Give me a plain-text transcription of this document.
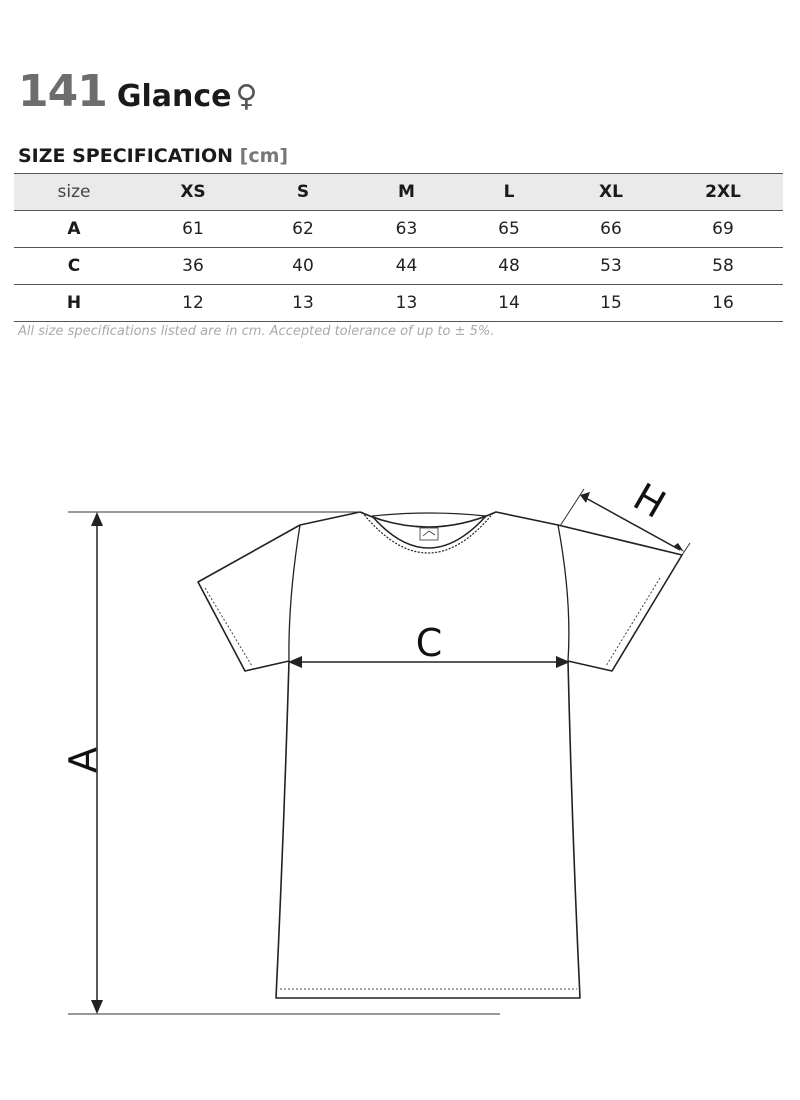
141 Glance ♀
SIZE SPECIFICATION [cm]
size	XS	S	M	L	XL	2XL
A	61	62	63	65	66	69
C	36	40	44	48	53	58
H	12	13	13	14	15	16
All size specifications listed are in cm. Accepted tolerance of up to ± 5%.
A
C
H
